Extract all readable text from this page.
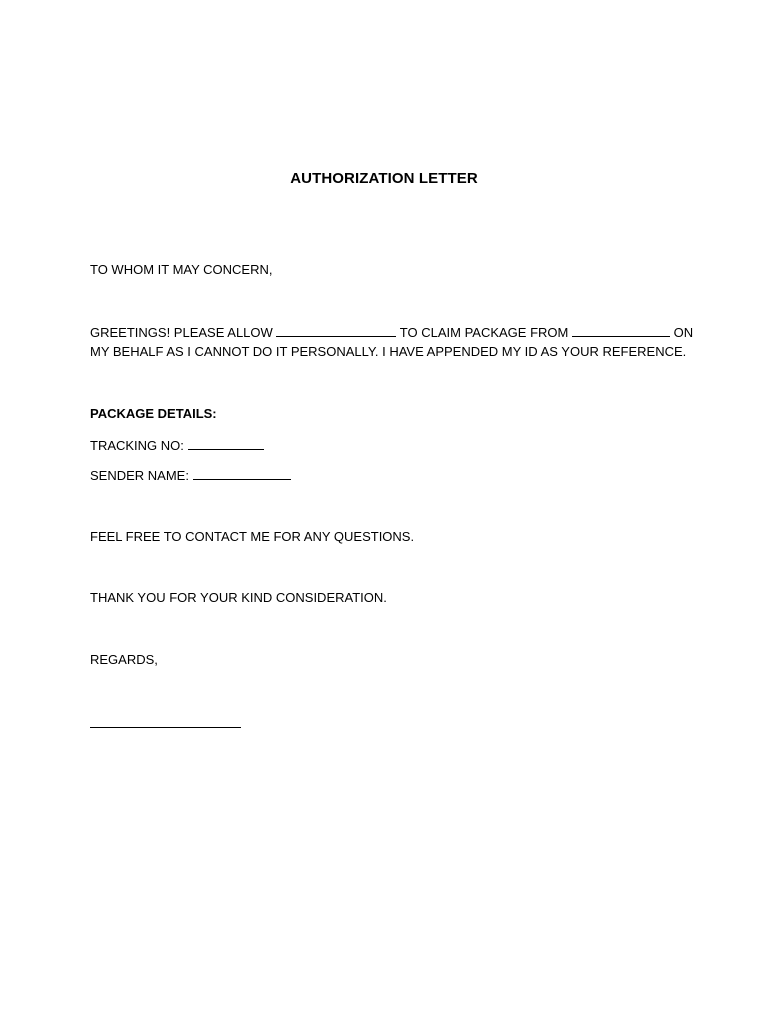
AUTHORIZATION LETTER
TO WHOM IT MAY CONCERN,
GREETINGS! PLEASE ALLOW	TO CLAIM PACKAGE FROM	ON
MY BEHALF AS I CANNOT DO IT PERSONALLY. I HAVE APPENDED MY ID AS YOUR REFERENCE.
PACKAGE DETAILS:
TRACKING NO:
SENDER NAME:
FEEL FREE TO CONTACT ME FOR ANY QUESTIONS.
THANK YOU FOR YOUR KIND CONSIDERATION.
REGARDS,
